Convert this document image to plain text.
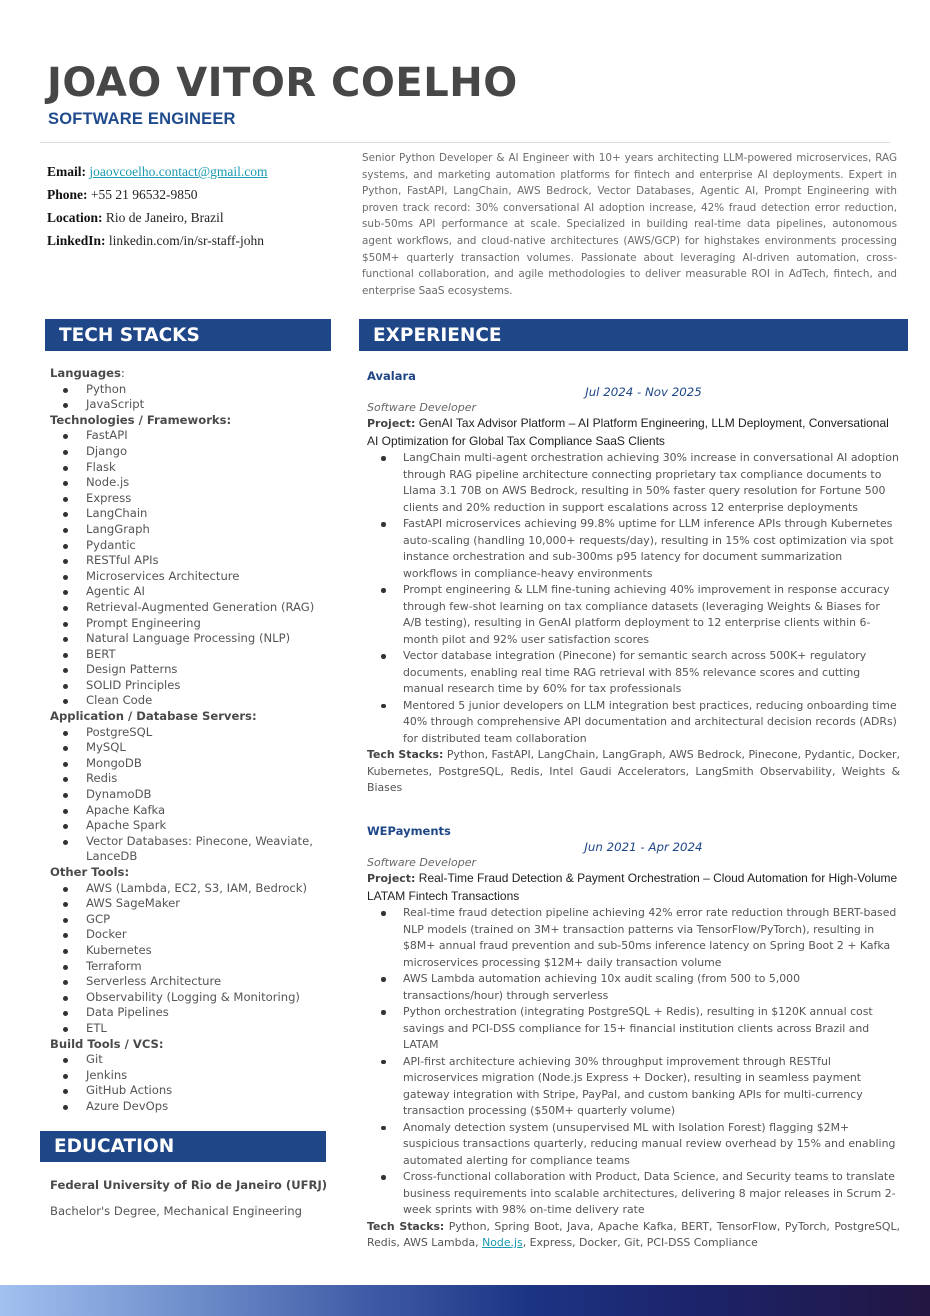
JOAO VITOR COELHO
SOFTWARE ENGINEER
Email: joaovcoelho.contact@gmail.com
Phone: +55 21 96532-9850
Location: Rio de Janeiro, Brazil
LinkedIn: linkedin.com/in/sr-staff-john
Senior Python Developer & AI Engineer with 10+ years architecting LLM-powered microservices, RAG systems, and marketing automation platforms for fintech and enterprise AI deployments. Expert in Python, FastAPI, LangChain, AWS Bedrock, Vector Databases, Agentic AI, Prompt Engineering with proven track record: 30% conversational AI adoption increase, 42% fraud detection error reduction, sub-50ms API performance at scale. Specialized in building real-time data pipelines, autonomous agent workflows, and cloud-native architectures (AWS/GCP) for highstakes environments processing $50M+ quarterly transaction volumes. Passionate about leveraging AI-driven automation, cross-functional collaboration, and agile methodologies to deliver measurable ROI in AdTech, fintech, and enterprise SaaS ecosystems.
TECH STACKS
Languages:
Python
JavaScript
Technologies / Frameworks:
FastAPI
Django
Flask
Node.js
Express
LangChain
LangGraph
Pydantic
RESTful APIs
Microservices Architecture
Agentic AI
Retrieval-Augmented Generation (RAG)
Prompt Engineering
Natural Language Processing (NLP)
BERT
Design Patterns
SOLID Principles
Clean Code
Application / Database Servers:
PostgreSQL
MySQL
MongoDB
Redis
DynamoDB
Apache Kafka
Apache Spark
Vector Databases: Pinecone, Weaviate, LanceDB
Other Tools:
AWS (Lambda, EC2, S3, IAM, Bedrock)
AWS SageMaker
GCP
Docker
Kubernetes
Terraform
Serverless Architecture
Observability (Logging & Monitoring)
Data Pipelines
ETL
Build Tools / VCS:
Git
Jenkins
GitHub Actions
Azure DevOps
EDUCATION
Federal University of Rio de Janeiro (UFRJ)
Bachelor's Degree, Mechanical Engineering
EXPERIENCE
Avalara
Jul 2024 - Nov 2025
Software Developer
Project: GenAI Tax Advisor Platform – AI Platform Engineering, LLM Deployment, Conversational AI Optimization for Global Tax Compliance SaaS Clients
LangChain multi-agent orchestration achieving 30% increase in conversational AI adoption through RAG pipeline architecture connecting proprietary tax compliance documents to Llama 3.1 70B on AWS Bedrock, resulting in 50% faster query resolution for Fortune 500 clients and 20% reduction in support escalations across 12 enterprise deployments
FastAPI microservices achieving 99.8% uptime for LLM inference APIs through Kubernetes auto-scaling (handling 10,000+ requests/day), resulting in 15% cost optimization via spot instance orchestration and sub-300ms p95 latency for document summarization workflows in compliance-heavy environments
Prompt engineering & LLM fine-tuning achieving 40% improvement in response accuracy through few-shot learning on tax compliance datasets (leveraging Weights & Biases for A/B testing), resulting in GenAI platform deployment to 12 enterprise clients within 6-month pilot and 92% user satisfaction scores
Vector database integration (Pinecone) for semantic search across 500K+ regulatory documents, enabling real time RAG retrieval with 85% relevance scores and cutting manual research time by 60% for tax professionals
Mentored 5 junior developers on LLM integration best practices, reducing onboarding time 40% through comprehensive API documentation and architectural decision records (ADRs) for distributed team collaboration
Tech Stacks: Python, FastAPI, LangChain, LangGraph, AWS Bedrock, Pinecone, Pydantic, Docker, Kubernetes, PostgreSQL, Redis, Intel Gaudi Accelerators, LangSmith Observability, Weights & Biases
WEPayments
Jun 2021 - Apr 2024
Software Developer
Project: Real-Time Fraud Detection & Payment Orchestration – Cloud Automation for High-Volume LATAM Fintech Transactions
Real-time fraud detection pipeline achieving 42% error rate reduction through BERT-based NLP models (trained on 3M+ transaction patterns via TensorFlow/PyTorch), resulting in $8M+ annual fraud prevention and sub-50ms inference latency on Spring Boot 2 + Kafka microservices processing $12M+ daily transaction volume
AWS Lambda automation achieving 10x audit scaling (from 500 to 5,000 transactions/hour) through serverless
Python orchestration (integrating PostgreSQL + Redis), resulting in $120K annual cost savings and PCI-DSS compliance for 15+ financial institution clients across Brazil and LATAM
API-first architecture achieving 30% throughput improvement through RESTful microservices migration (Node.js Express + Docker), resulting in seamless payment gateway integration with Stripe, PayPal, and custom banking APIs for multi-currency transaction processing ($50M+ quarterly volume)
Anomaly detection system (unsupervised ML with Isolation Forest) flagging $2M+ suspicious transactions quarterly, reducing manual review overhead by 15% and enabling automated alerting for compliance teams
Cross-functional collaboration with Product, Data Science, and Security teams to translate business requirements into scalable architectures, delivering 8 major releases in Scrum 2-week sprints with 98% on-time delivery rate
Tech Stacks: Python, Spring Boot, Java, Apache Kafka, BERT, TensorFlow, PyTorch, PostgreSQL, Redis, AWS Lambda, Node.js, Express, Docker, Git, PCI-DSS Compliance
